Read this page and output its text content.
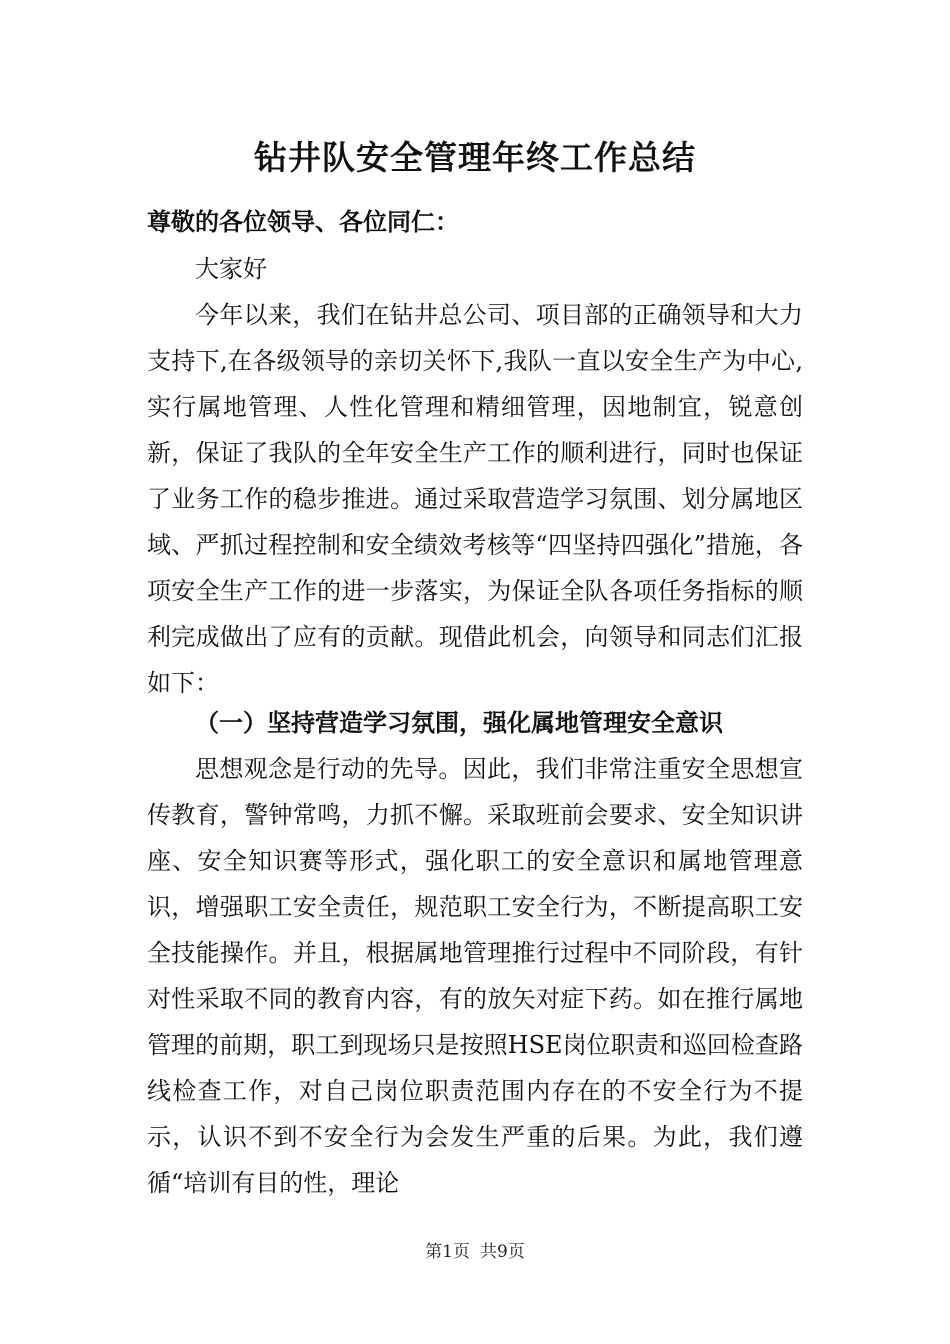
钻井队安全管理年终工作总结
尊敬的各位领导、各位同仁：
大家好

今年以来，我们在钻井总公司、项目部的正确领导和大力支持下,在各级领导的亲切关怀下,我队一直以安全生产为中心,实行属地管理、人性化管理和精细管理，因地制宜，锐意创新，保证了我队的全年安全生产工作的顺利进行，同时也保证了业务工作的稳步推进。通过采取营造学习氛围、划分属地区域、严抓过程控制和安全绩效考核等“四坚持四强化”措施，各项安全生产工作的进一步落实，为保证全队各项任务指标的顺利完成做出了应有的贡献。现借此机会，向领导和同志们汇报如下：

（一）坚持营造学习氛围，强化属地管理安全意识

思想观念是行动的先导。因此，我们非常注重安全思想宣传教育，警钟常鸣，力抓不懈。采取班前会要求、安全知识讲座、安全知识赛等形式，强化职工的安全意识和属地管理意识，增强职工安全责任，规范职工安全行为，不断提高职工安全技能操作。并且，根据属地管理推行过程中不同阶段，有针对性采取不同的教育内容，有的放矢对症下药。如在推行属地管理的前期，职工到现场只是按照HSE岗位职责和巡回检查路线检查工作，对自己岗位职责范围内存在的不安全行为不提示，认识不到不安全行为会发生严重的后果。为此，我们遵循“培训有目的性，理论

第1页 共9页
